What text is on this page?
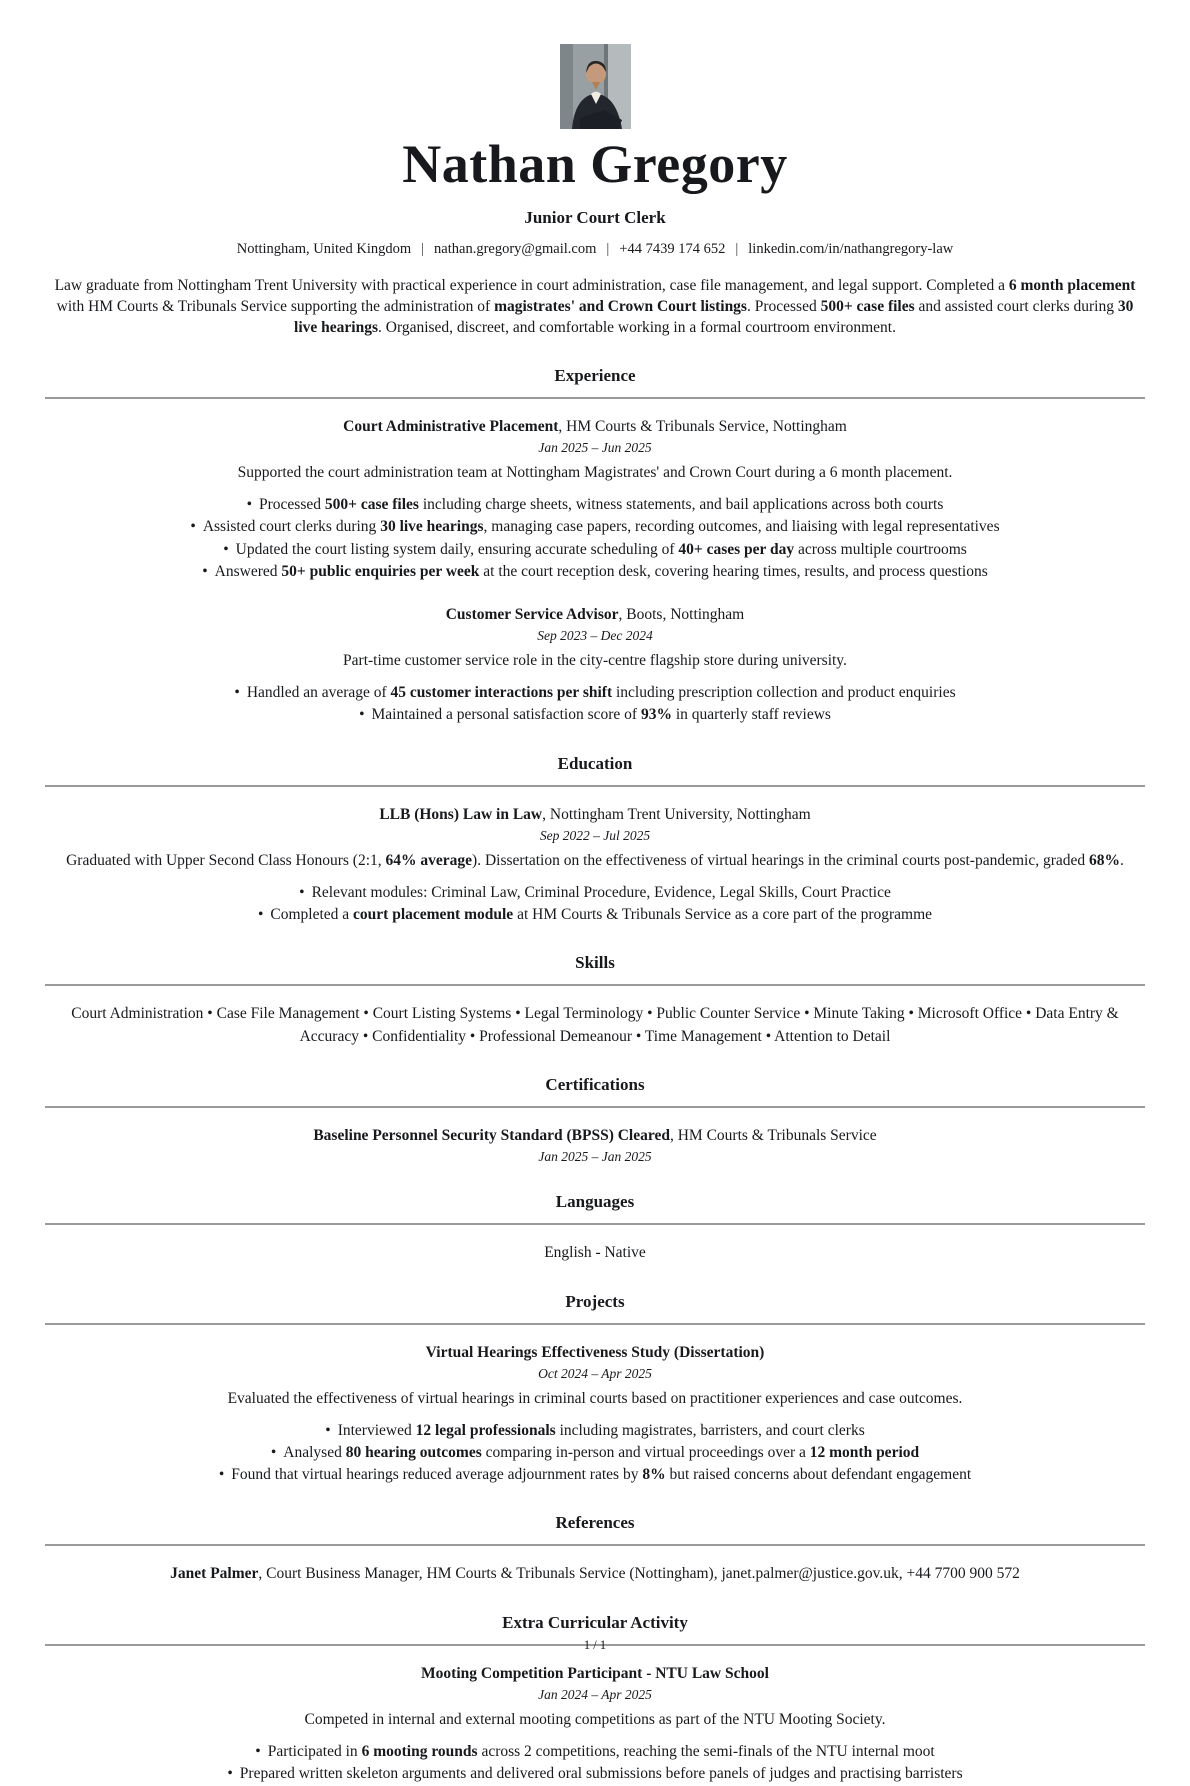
Nathan Gregory
Junior Court Clerk
Nottingham, United Kingdom | nathan.gregory@gmail.com | +44 7439 174 652 | linkedin.com/in/nathangregory-law

Law graduate from Nottingham Trent University with practical experience in court administration, case file management, and legal support. Completed a 6 month placement with HM Courts & Tribunals Service supporting the administration of magistrates' and Crown Court listings. Processed 500+ case files and assisted court clerks during 30 live hearings. Organised, discreet, and comfortable working in a formal courtroom environment.

Experience
Court Administrative Placement, HM Courts & Tribunals Service, Nottingham
Jan 2025 – Jun 2025
Supported the court administration team at Nottingham Magistrates' and Crown Court during a 6 month placement.
• Processed 500+ case files including charge sheets, witness statements, and bail applications across both courts
• Assisted court clerks during 30 live hearings, managing case papers, recording outcomes, and liaising with legal representatives
• Updated the court listing system daily, ensuring accurate scheduling of 40+ cases per day across multiple courtrooms
• Answered 50+ public enquiries per week at the court reception desk, covering hearing times, results, and process questions
Customer Service Advisor, Boots, Nottingham
Sep 2023 – Dec 2024
Part-time customer service role in the city-centre flagship store during university.
• Handled an average of 45 customer interactions per shift including prescription collection and product enquiries
• Maintained a personal satisfaction score of 93% in quarterly staff reviews
Education
LLB (Hons) Law in Law, Nottingham Trent University, Nottingham
Sep 2022 – Jul 2025
Graduated with Upper Second Class Honours (2:1, 64% average). Dissertation on the effectiveness of virtual hearings in the criminal courts post-pandemic, graded 68%.
• Relevant modules: Criminal Law, Criminal Procedure, Evidence, Legal Skills, Court Practice
• Completed a court placement module at HM Courts & Tribunals Service as a core part of the programme
Skills

Court Administration • Case File Management • Court Listing Systems • Legal Terminology • Public Counter Service • Minute Taking • Microsoft Office • Data Entry & Accuracy • Confidentiality • Professional Demeanour • Time Management • Attention to Detail

Certifications
Baseline Personnel Security Standard (BPSS) Cleared, HM Courts & Tribunals Service
Jan 2025 – Jan 2025
Languages

English - Native

Projects
Virtual Hearings Effectiveness Study (Dissertation)
Oct 2024 – Apr 2025
Evaluated the effectiveness of virtual hearings in criminal courts based on practitioner experiences and case outcomes.
• Interviewed 12 legal professionals including magistrates, barristers, and court clerks
• Analysed 80 hearing outcomes comparing in-person and virtual proceedings over a 12 month period
• Found that virtual hearings reduced average adjournment rates by 8% but raised concerns about defendant engagement
References

Janet Palmer, Court Business Manager, HM Courts & Tribunals Service (Nottingham), janet.palmer@justice.gov.uk, +44 7700 900 572

Extra Curricular Activity
Mooting Competition Participant - NTU Law School
Jan 2024 – Apr 2025
Competed in internal and external mooting competitions as part of the NTU Mooting Society.
• Participated in 6 mooting rounds across 2 competitions, reaching the semi-finals of the NTU internal moot
• Prepared written skeleton arguments and delivered oral submissions before panels of judges and practising barristers
1 / 1
